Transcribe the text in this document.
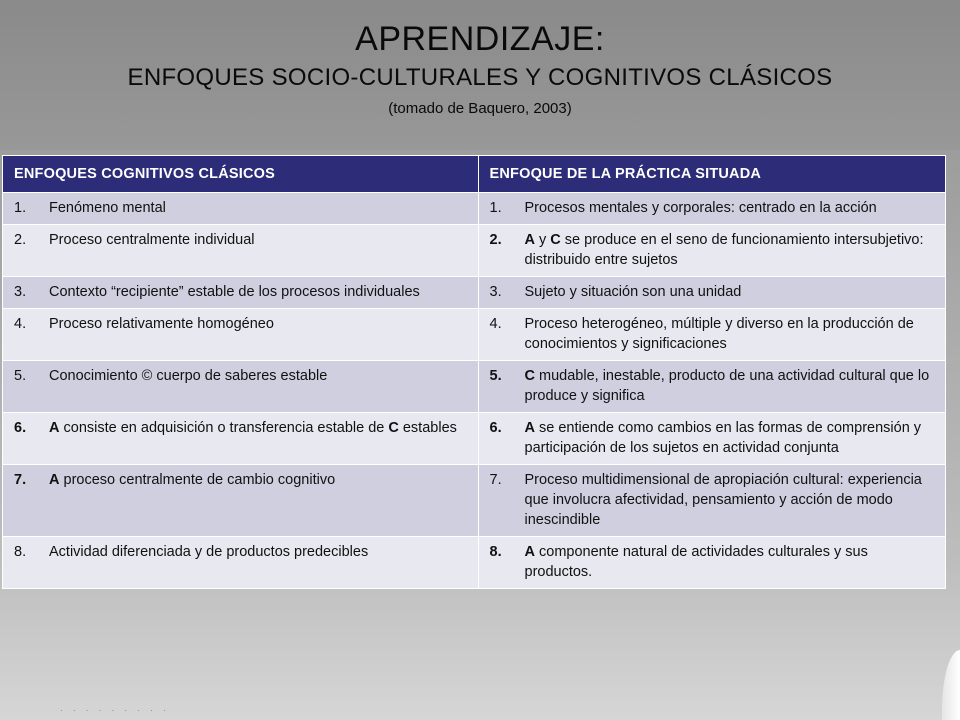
APRENDIZAJE:
ENFOQUES SOCIO-CULTURALES Y COGNITIVOS CLÁSICOS
(tomado de Baquero, 2003)
ENFOQUES COGNITIVOS CLÁSICOS	ENFOQUE DE LA PRÁCTICA SITUADA

1. Fenómeno mental	1. Procesos mentales y corporales: centrado en la acción

2. Proceso centralmente individual	2. A y C se produce en el seno de funcionamiento intersubjetivo: distribuido entre sujetos

3. Contexto “recipiente” estable de los procesos individuales	3. Sujeto y situación son una unidad

4. Proceso relativamente homogéneo	4. Proceso heterogéneo, múltiple y diverso en la producción de conocimientos y significaciones

5. Conocimiento © cuerpo de saberes estable	5. C mudable, inestable, producto de una actividad cultural que lo produce y significa

6. A consiste en adquisición o transferencia estable de C estables	6. A se entiende como cambios en las formas de comprensión y participación de los sujetos en actividad conjunta

7. A proceso centralmente de cambio cognitivo	7. Proceso multidimensional de apropiación cultural: experiencia que involucra afectividad, pensamiento y acción de modo inescindible

8. Actividad diferenciada y de productos predecibles	8. A componente natural de actividades culturales y sus productos.
· · · · · · · · ·
